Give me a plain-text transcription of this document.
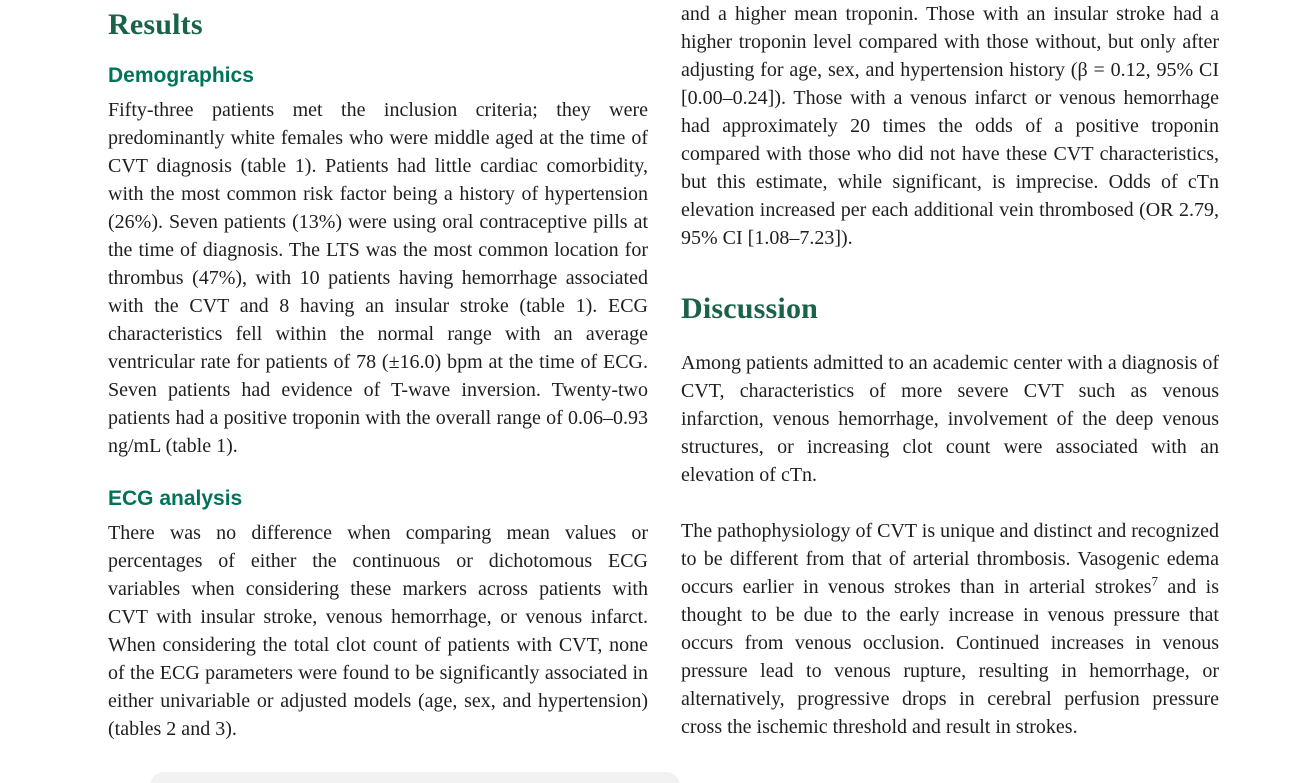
Results
Demographics

Fifty-three patients met the inclusion criteria; they were predominantly white females who were middle aged at the time of CVT diagnosis (table 1). Patients had little cardiac comorbidity, with the most common risk factor being a history of hypertension (26%). Seven patients (13%) were using oral contraceptive pills at the time of diagnosis. The LTS was the most common location for thrombus (47%), with 10 patients having hemorrhage associated with the CVT and 8 having an insular stroke (table 1). ECG characteristics fell within the normal range with an average ventricular rate for patients of 78 (±16.0) bpm at the time of ECG. Seven patients had evidence of T-wave inversion. Twenty-two patients had a positive troponin with the overall range of 0.06–0.93 ng/mL (table 1).

ECG analysis

There was no difference when comparing mean values or percentages of either the continuous or dichotomous ECG variables when considering these markers across patients with CVT with insular stroke, venous hemorrhage, or venous infarct. When considering the total clot count of patients with CVT, none of the ECG parameters were found to be significantly associated in either univariable or adjusted models (age, sex, and hypertension) (tables 2 and 3).

and a higher mean troponin. Those with an insular stroke had a higher troponin level compared with those without, but only after adjusting for age, sex, and hypertension history (β = 0.12, 95% CI [0.00–0.24]). Those with a venous infarct or venous hemorrhage had approximately 20 times the odds of a positive troponin compared with those who did not have these CVT characteristics, but this estimate, while significant, is imprecise. Odds of cTn elevation increased per each additional vein thrombosed (OR 2.79, 95% CI [1.08–7.23]).

Discussion

Among patients admitted to an academic center with a diagnosis of CVT, characteristics of more severe CVT such as venous infarction, venous hemorrhage, involvement of the deep venous structures, or increasing clot count were associated with an elevation of cTn.

The pathophysiology of CVT is unique and distinct and recognized to be different from that of arterial thrombosis. Vasogenic edema occurs earlier in venous strokes than in arterial strokes$^7$ and is thought to be due to the early increase in venous pressure that occurs from venous occlusion. Continued increases in venous pressure lead to venous rupture, resulting in hemorrhage, or alternatively, progressive drops in cerebral perfusion pressure cross the ischemic threshold and result in strokes.
